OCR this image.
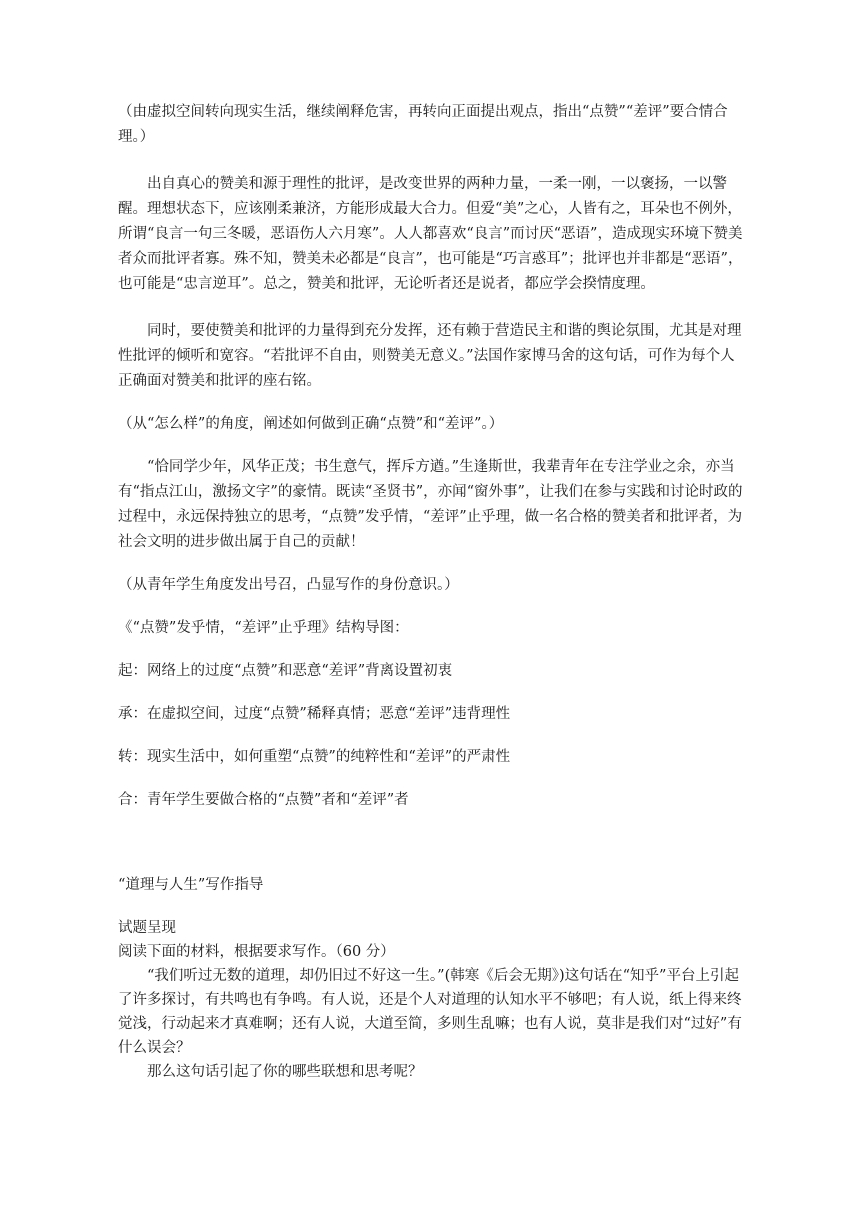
（由虚拟空间转向现实生活，继续阐释危害，再转向正面提出观点，指出“点赞”“差评”要合情合理。）

出自真心的赞美和源于理性的批评，是改变世界的两种力量，一柔一刚，一以褒扬，一以警醒。理想状态下，应该刚柔兼济，方能形成最大合力。但爱“美”之心，人皆有之，耳朵也不例外，所谓“良言一句三冬暖，恶语伤人六月寒”。人人都喜欢“良言”而讨厌“恶语”，造成现实环境下赞美者众而批评者寡。殊不知，赞美未必都是“良言”，也可能是“巧言惑耳”；批评也并非都是“恶语”，也可能是“忠言逆耳”。总之，赞美和批评，无论听者还是说者，都应学会揆情度理。

同时，要使赞美和批评的力量得到充分发挥，还有赖于营造民主和谐的舆论氛围，尤其是对理性批评的倾听和宽容。“若批评不自由，则赞美无意义。”法国作家博马舍的这句话，可作为每个人正确面对赞美和批评的座右铭。

（从“怎么样”的角度，阐述如何做到正确“点赞”和“差评”。）

“恰同学少年，风华正茂；书生意气，挥斥方遒。”生逢斯世，我辈青年在专注学业之余，亦当有“指点江山，激扬文字”的豪情。既读“圣贤书”，亦闻“窗外事”，让我们在参与实践和讨论时政的过程中，永远保持独立的思考，“点赞”发乎情，“差评”止乎理，做一名合格的赞美者和批评者，为社会文明的进步做出属于自己的贡献！

（从青年学生角度发出号召，凸显写作的身份意识。）

《“点赞”发乎情，“差评”止乎理》结构导图：

起：网络上的过度“点赞”和恶意“差评”背离设置初衷

承：在虚拟空间，过度“点赞”稀释真情；恶意“差评”违背理性

转：现实生活中，如何重塑“点赞”的纯粹性和“差评”的严肃性

合：青年学生要做合格的“点赞”者和“差评”者

“道理与人生”写作指导

试题呈现

阅读下面的材料，根据要求写作。（60 分）

“我们听过无数的道理，却仍旧过不好这一生。”(韩寒《后会无期》)这句话在“知乎”平台上引起了许多探讨，有共鸣也有争鸣。有人说，还是个人对道理的认知水平不够吧；有人说，纸上得来终觉浅，行动起来才真难啊；还有人说，大道至简，多则生乱嘛；也有人说，莫非是我们对“过好”有什么误会？

那么这句话引起了你的哪些联想和思考呢？
